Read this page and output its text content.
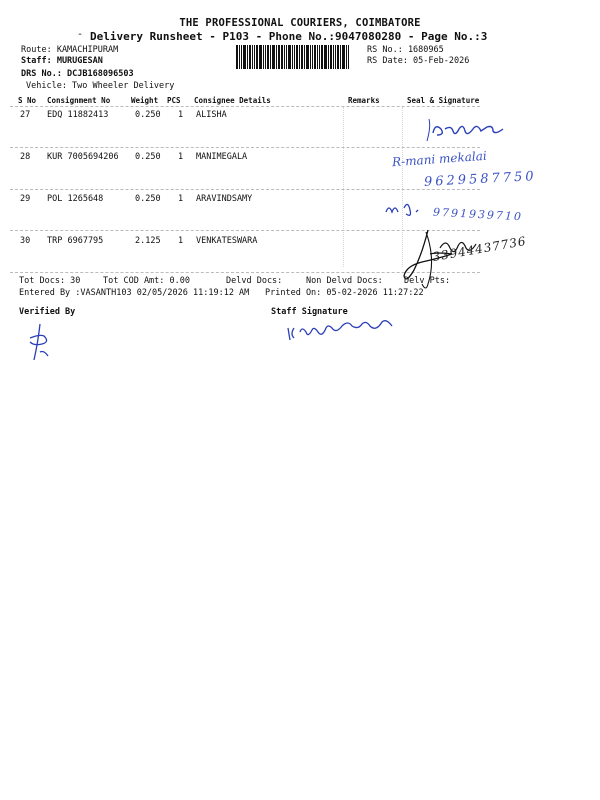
THE PROFESSIONAL COURIERS, COIMBATORE
- Delivery Runsheet - P103 - Phone No.:9047080280 - Page No.:3
Route: KAMACHIPURAM
Staff: MURUGESAN
DRS No.: DCJB168096503
Vehicle: Two Wheeler Delivery
RS No.: 1680965
RS Date: 05-Feb-2026
S No Consignment No	Weight PCS Consignee Details	Remarks	Seal & Signature
27 EDQ 11882413	0.250 1 ALISHA
28 KUR 7005694206 0.250 1 MANIMEGALA
29 POL 1265648	0.250 1 ARAVINDSAMY
30 TRP 6967795	2.125 1 VENKATESWARA
Tot Docs: 30	Tot COD Amt: 0.00	Delvd Docs:	Non Delvd Docs: Delv Pts:
Entered By :VASANTH103 02/05/2026 11:19:12 AM Printed On: 05-02-2026 11:27:22
Verified By	Staff Signature
R-mani mekalai
9629587750
9791939710
33944437736
